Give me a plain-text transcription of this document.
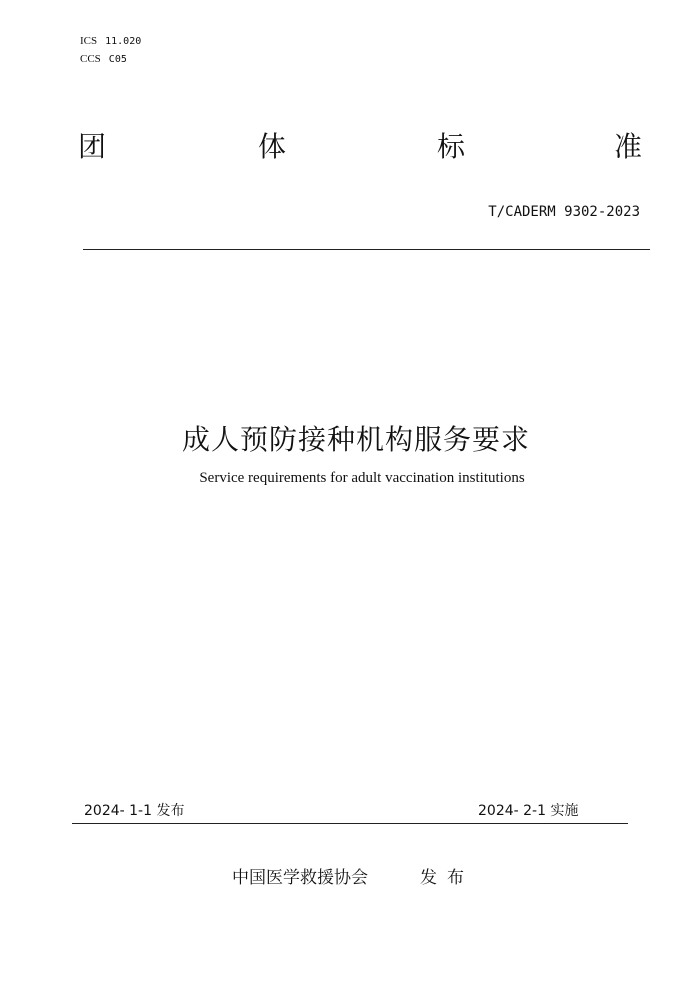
ICS 11.020
CCS C05
团	体	标	准
T/CADERM 9302-2023
成人预防接种机构服务要求
Service requirements for adult vaccination institutions
2024- 1-1 发布	2024- 2-1 实施
中国医学救援协会	发布
